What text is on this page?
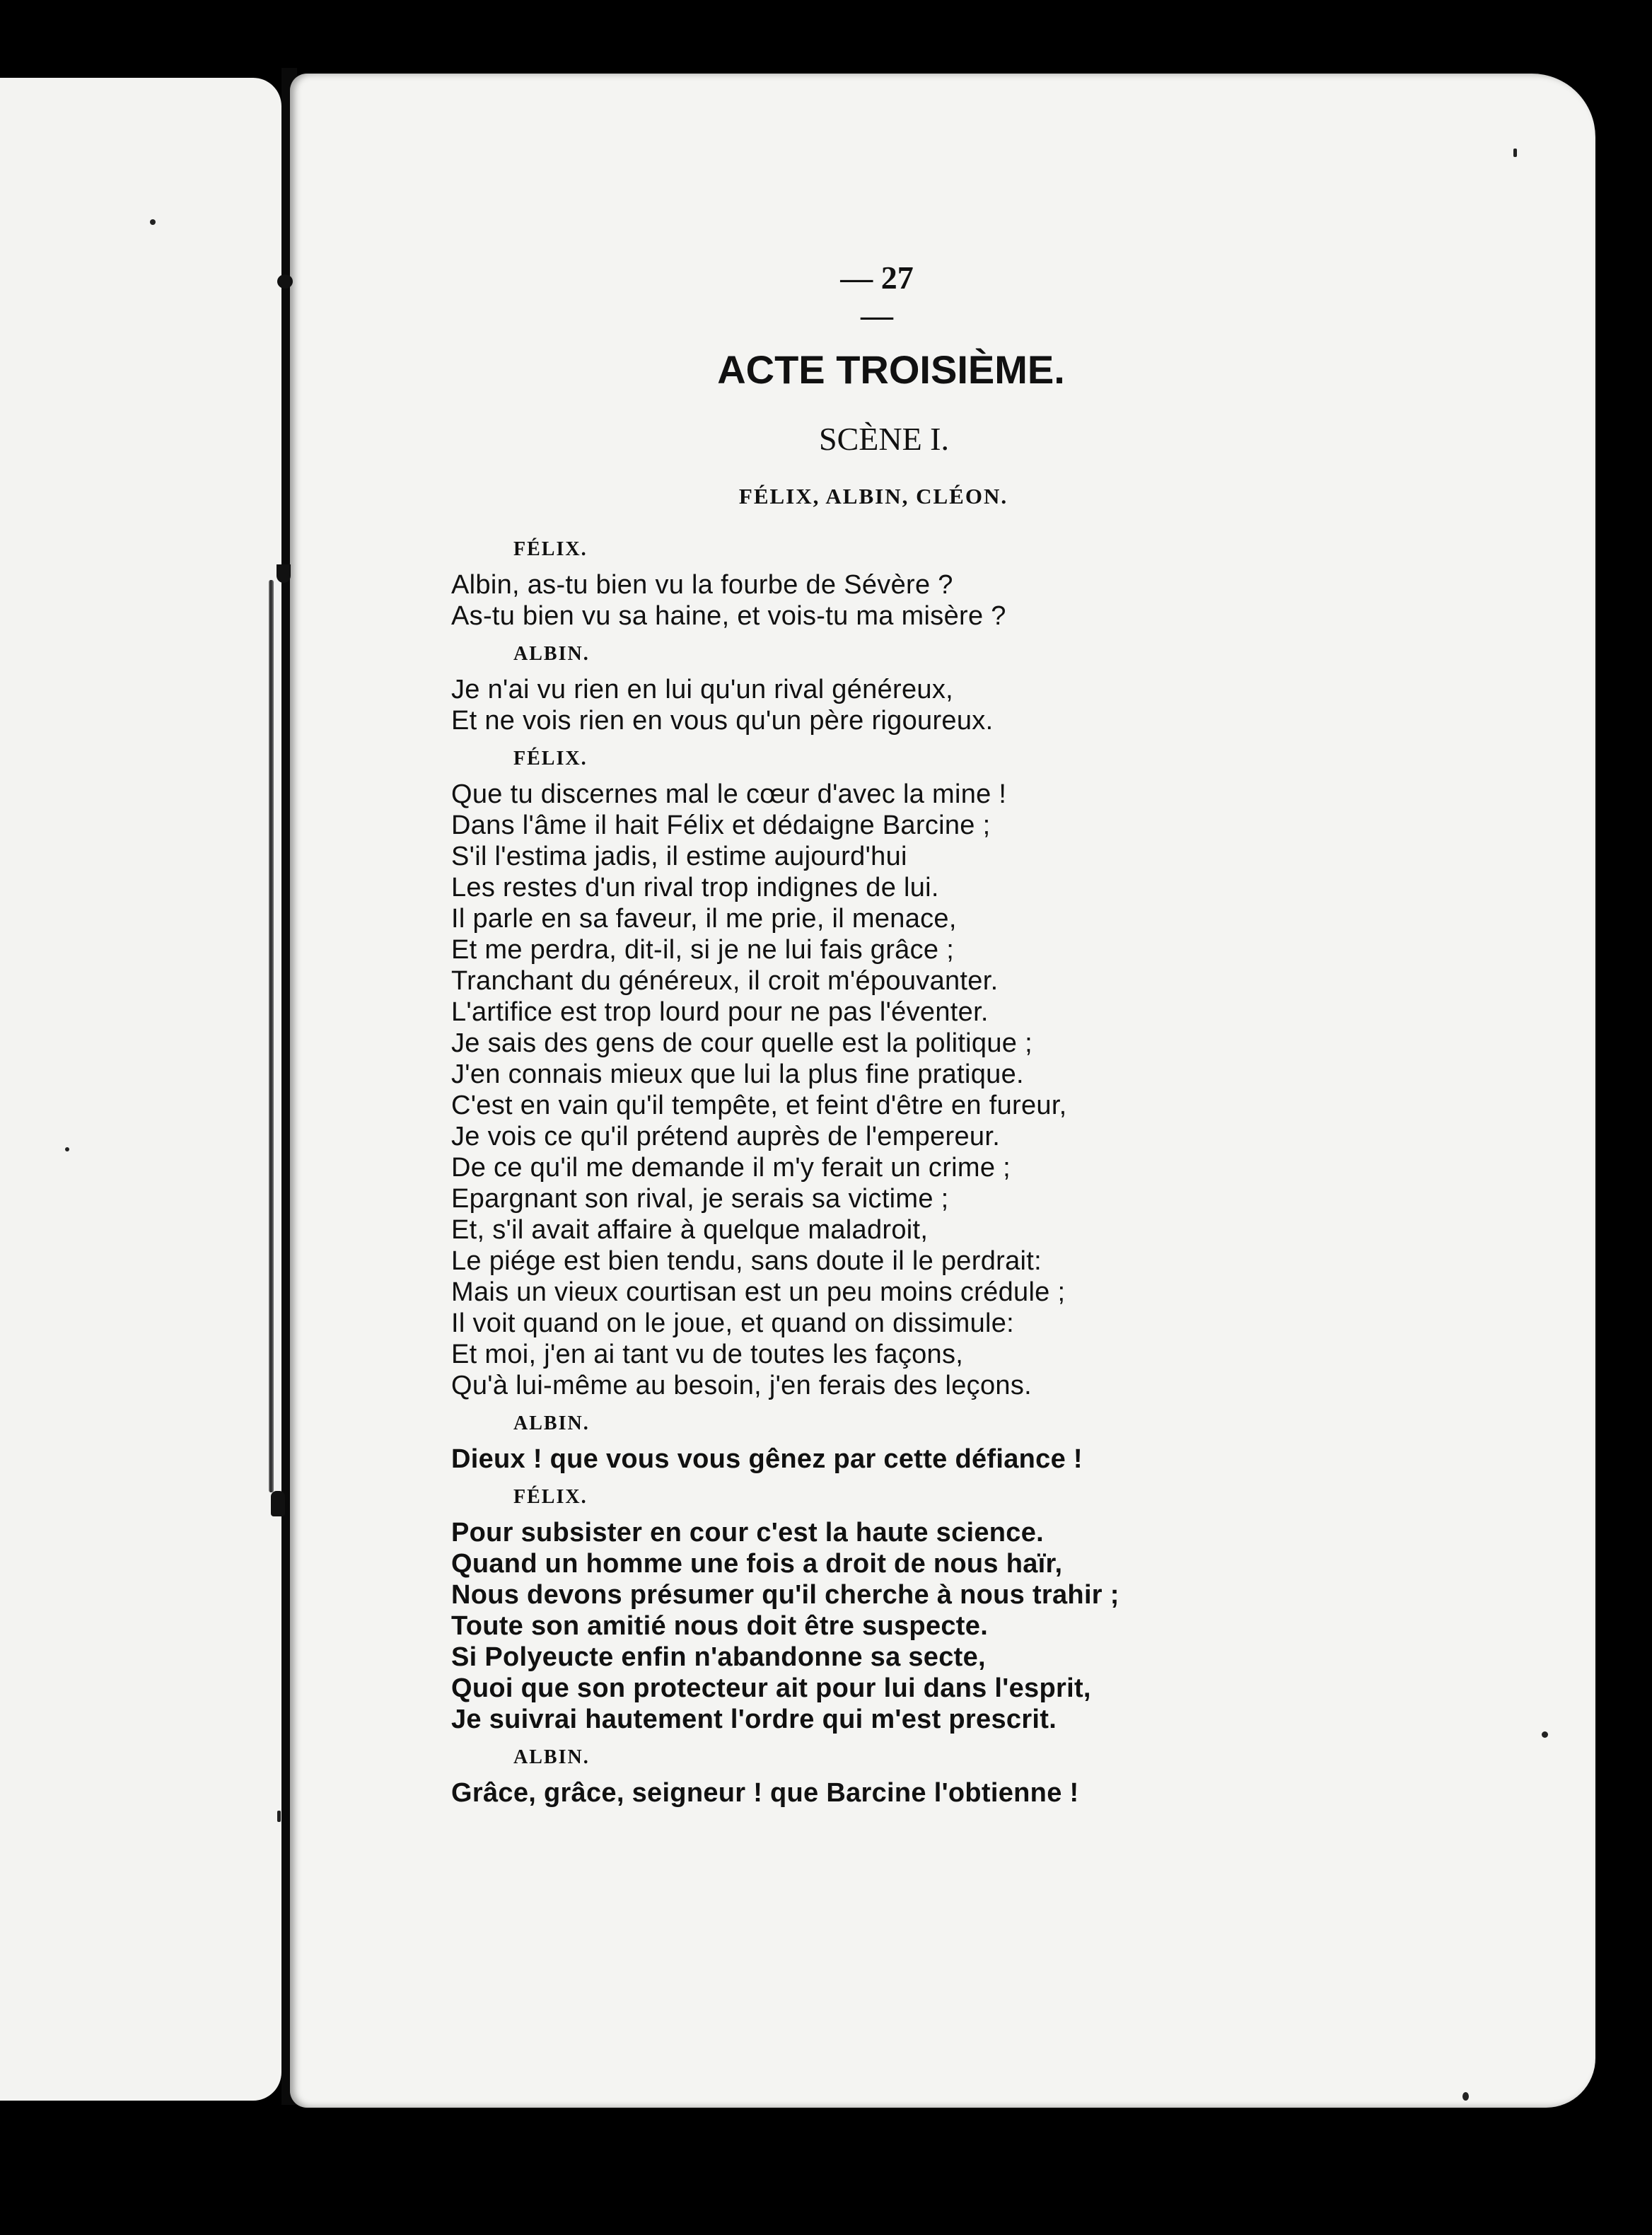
— 27 —
ACTE TROISIÈME.
SCÈNE I.
FÉLIX, ALBIN, CLÉON.
FÉLIX.
Albin, as-tu bien vu la fourbe de Sévère ?
As-tu bien vu sa haine, et vois-tu ma misère ?
ALBIN.
Je n'ai vu rien en lui qu'un rival généreux,
Et ne vois rien en vous qu'un père rigoureux.
FÉLIX.
Que tu discernes mal le cœur d'avec la mine !
Dans l'âme il hait Félix et dédaigne Barcine ;
S'il l'estima jadis, il estime aujourd'hui
Les restes d'un rival trop indignes de lui.
Il parle en sa faveur, il me prie, il menace,
Et me perdra, dit-il, si je ne lui fais grâce ;
Tranchant du généreux, il croit m'épouvanter.
L'artifice est trop lourd pour ne pas l'éventer.
Je sais des gens de cour quelle est la politique ;
J'en connais mieux que lui la plus fine pratique.
C'est en vain qu'il tempête, et feint d'être en fureur,
Je vois ce qu'il prétend auprès de l'empereur.
De ce qu'il me demande il m'y ferait un crime ;
Epargnant son rival, je serais sa victime ;
Et, s'il avait affaire à quelque maladroit,
Le piége est bien tendu, sans doute il le perdrait:
Mais un vieux courtisan est un peu moins crédule ;
Il voit quand on le joue, et quand on dissimule:
Et moi, j'en ai tant vu de toutes les façons,
Qu'à lui-même au besoin, j'en ferais des leçons.
ALBIN.
Dieux ! que vous vous gênez par cette défiance !
FÉLIX.
Pour subsister en cour c'est la haute science.
Quand un homme une fois a droit de nous haïr,
Nous devons présumer qu'il cherche à nous trahir ;
Toute son amitié nous doit être suspecte.
Si Polyeucte enfin n'abandonne sa secte,
Quoi que son protecteur ait pour lui dans l'esprit,
Je suivrai hautement l'ordre qui m'est prescrit.
ALBIN.
Grâce, grâce, seigneur ! que Barcine l'obtienne !
